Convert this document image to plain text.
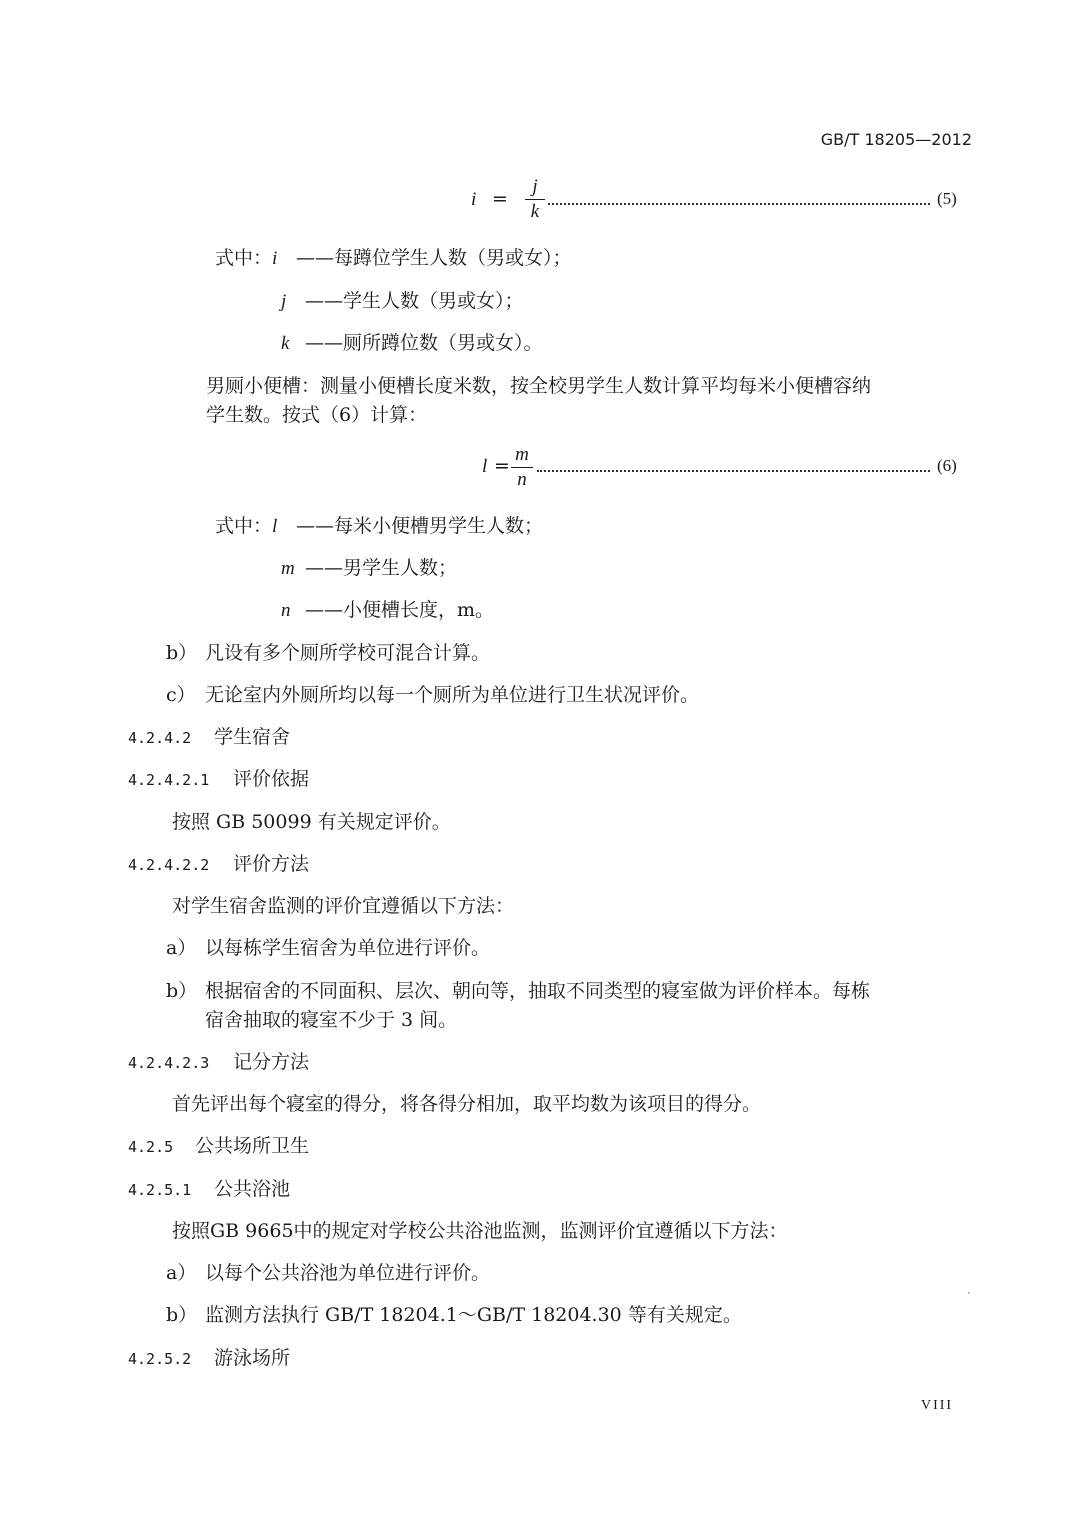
GB/T 18205—2012
i =
j
k
(5)
式中：i ——每蹲位学生人数（男或女）；
j ——学生人数（男或女）；
k ——厕所蹲位数（男或女）。
男厕小便槽：测量小便槽长度米数，按全校男学生人数计算平均每米小便槽容纳
学生数。按式（6）计算：
l =
m
n
(6)
式中：l ——每米小便槽男学生人数；
m ——男学生人数；
n ——小便槽长度，m。
b） 凡设有多个厕所学校可混合计算。
c） 无论室内外厕所均以每一个厕所为单位进行卫生状况评价。
4.2.4.2 学生宿舍
4.2.4.2.1 评价依据
按照 GB 50099 有关规定评价。
4.2.4.2.2 评价方法
对学生宿舍监测的评价宜遵循以下方法：
a） 以每栋学生宿舍为单位进行评价。
b） 根据宿舍的不同面积、层次、朝向等，抽取不同类型的寝室做为评价样本。每栋
宿舍抽取的寝室不少于 3 间。
4.2.4.2.3 记分方法
首先评出每个寝室的得分，将各得分相加，取平均数为该项目的得分。
4.2.5 公共场所卫生
4.2.5.1 公共浴池
按照GB 9665中的规定对学校公共浴池监测，监测评价宜遵循以下方法：
a） 以每个公共浴池为单位进行评价。
b） 监测方法执行 GB/T 18204.1～GB/T 18204.30 等有关规定。
4.2.5.2 游泳场所
VIII
